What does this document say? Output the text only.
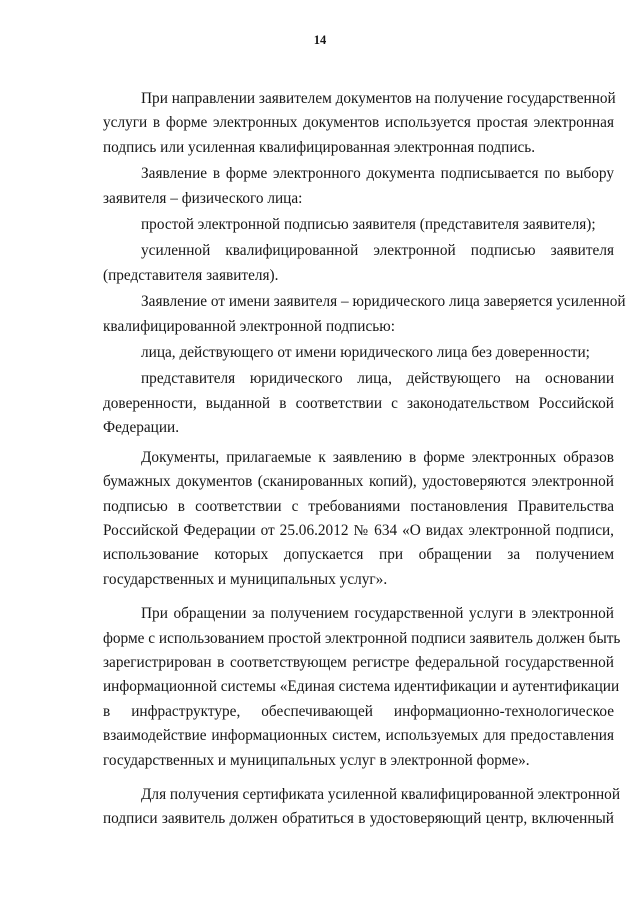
14
При направлении заявителем документов на получение государственной
услуги в форме электронных документов используется простая электронная
подпись или усиленная квалифицированная электронная подпись.
Заявление в форме электронного документа подписывается по выбору
заявителя – физического лица:
простой электронной подписью заявителя (представителя заявителя);
усиленной квалифицированной электронной подписью заявителя
(представителя заявителя).
Заявление от имени заявителя – юридического лица заверяется усиленной
квалифицированной электронной подписью:
лица, действующего от имени юридического лица без доверенности;
представителя юридического лица, действующего на основании
доверенности, выданной в соответствии с законодательством Российской
Федерации.
Документы, прилагаемые к заявлению в форме электронных образов
бумажных документов (сканированных копий), удостоверяются электронной
подписью в соответствии с требованиями постановления Правительства
Российской Федерации от 25.06.2012 № 634 «О видах электронной подписи,
использование которых допускается при обращении за получением
государственных и муниципальных услуг».
При обращении за получением государственной услуги в электронной
форме с использованием простой электронной подписи заявитель должен быть
зарегистрирован в соответствующем регистре федеральной государственной
информационной системы «Единая система идентификации и аутентификации
в инфраструктуре, обеспечивающей информационно-технологическое
взаимодействие информационных систем, используемых для предоставления
государственных и муниципальных услуг в электронной форме».
Для получения сертификата усиленной квалифицированной электронной
подписи заявитель должен обратиться в удостоверяющий центр, включенный
